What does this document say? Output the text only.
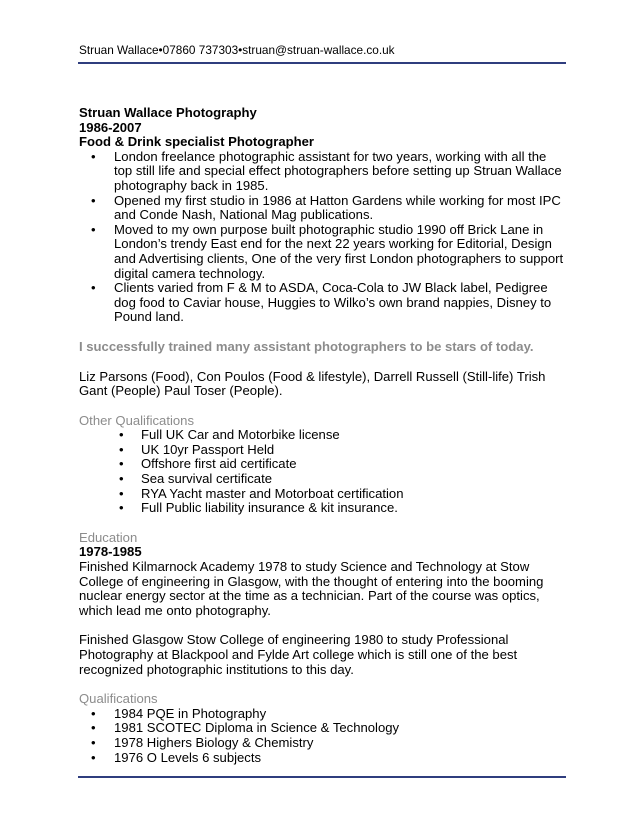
Struan Wallace•07860 737303•struan@struan-wallace.co.uk

Struan Wallace Photography

1986-2007

Food & Drink specialist Photographer

• London freelance photographic assistant for two years, working with all the top still life and special effect photographers before setting up Struan Wallace photography back in 1985.
• Opened my first studio in 1986 at Hatton Gardens while working for most IPC and Conde Nash, National Mag publications.
• Moved to my own purpose built photographic studio 1990 off Brick Lane in London’s trendy East end for the next 22 years working for Editorial, Design and Advertising clients, One of the very first London photographers to support digital camera technology.
• Clients varied from F & M to ASDA, Coca-Cola to JW Black label, Pedigree dog food to Caviar house, Huggies to Wilko’s own brand nappies, Disney to Pound land.

I successfully trained many assistant photographers to be stars of today.

Liz Parsons (Food), Con Poulos (Food & lifestyle), Darrell Russell (Still-life) Trish Gant (People) Paul Toser (People).

Other Qualifications

• Full UK Car and Motorbike license
• UK 10yr Passport Held
• Offshore first aid certificate
• Sea survival certificate
• RYA Yacht master and Motorboat certification
• Full Public liability insurance & kit insurance.

Education

1978-1985

Finished Kilmarnock Academy 1978 to study Science and Technology at Stow College of engineering in Glasgow, with the thought of entering into the booming nuclear energy sector at the time as a technician. Part of the course was optics, which lead me onto photography.

Finished Glasgow Stow College of engineering 1980 to study Professional Photography at Blackpool and Fylde Art college which is still one of the best recognized photographic institutions to this day.

Qualifications

• 1984 PQE in Photography
• 1981 SCOTEC Diploma in Science & Technology
• 1978 Highers Biology & Chemistry
• 1976 O Levels 6 subjects
